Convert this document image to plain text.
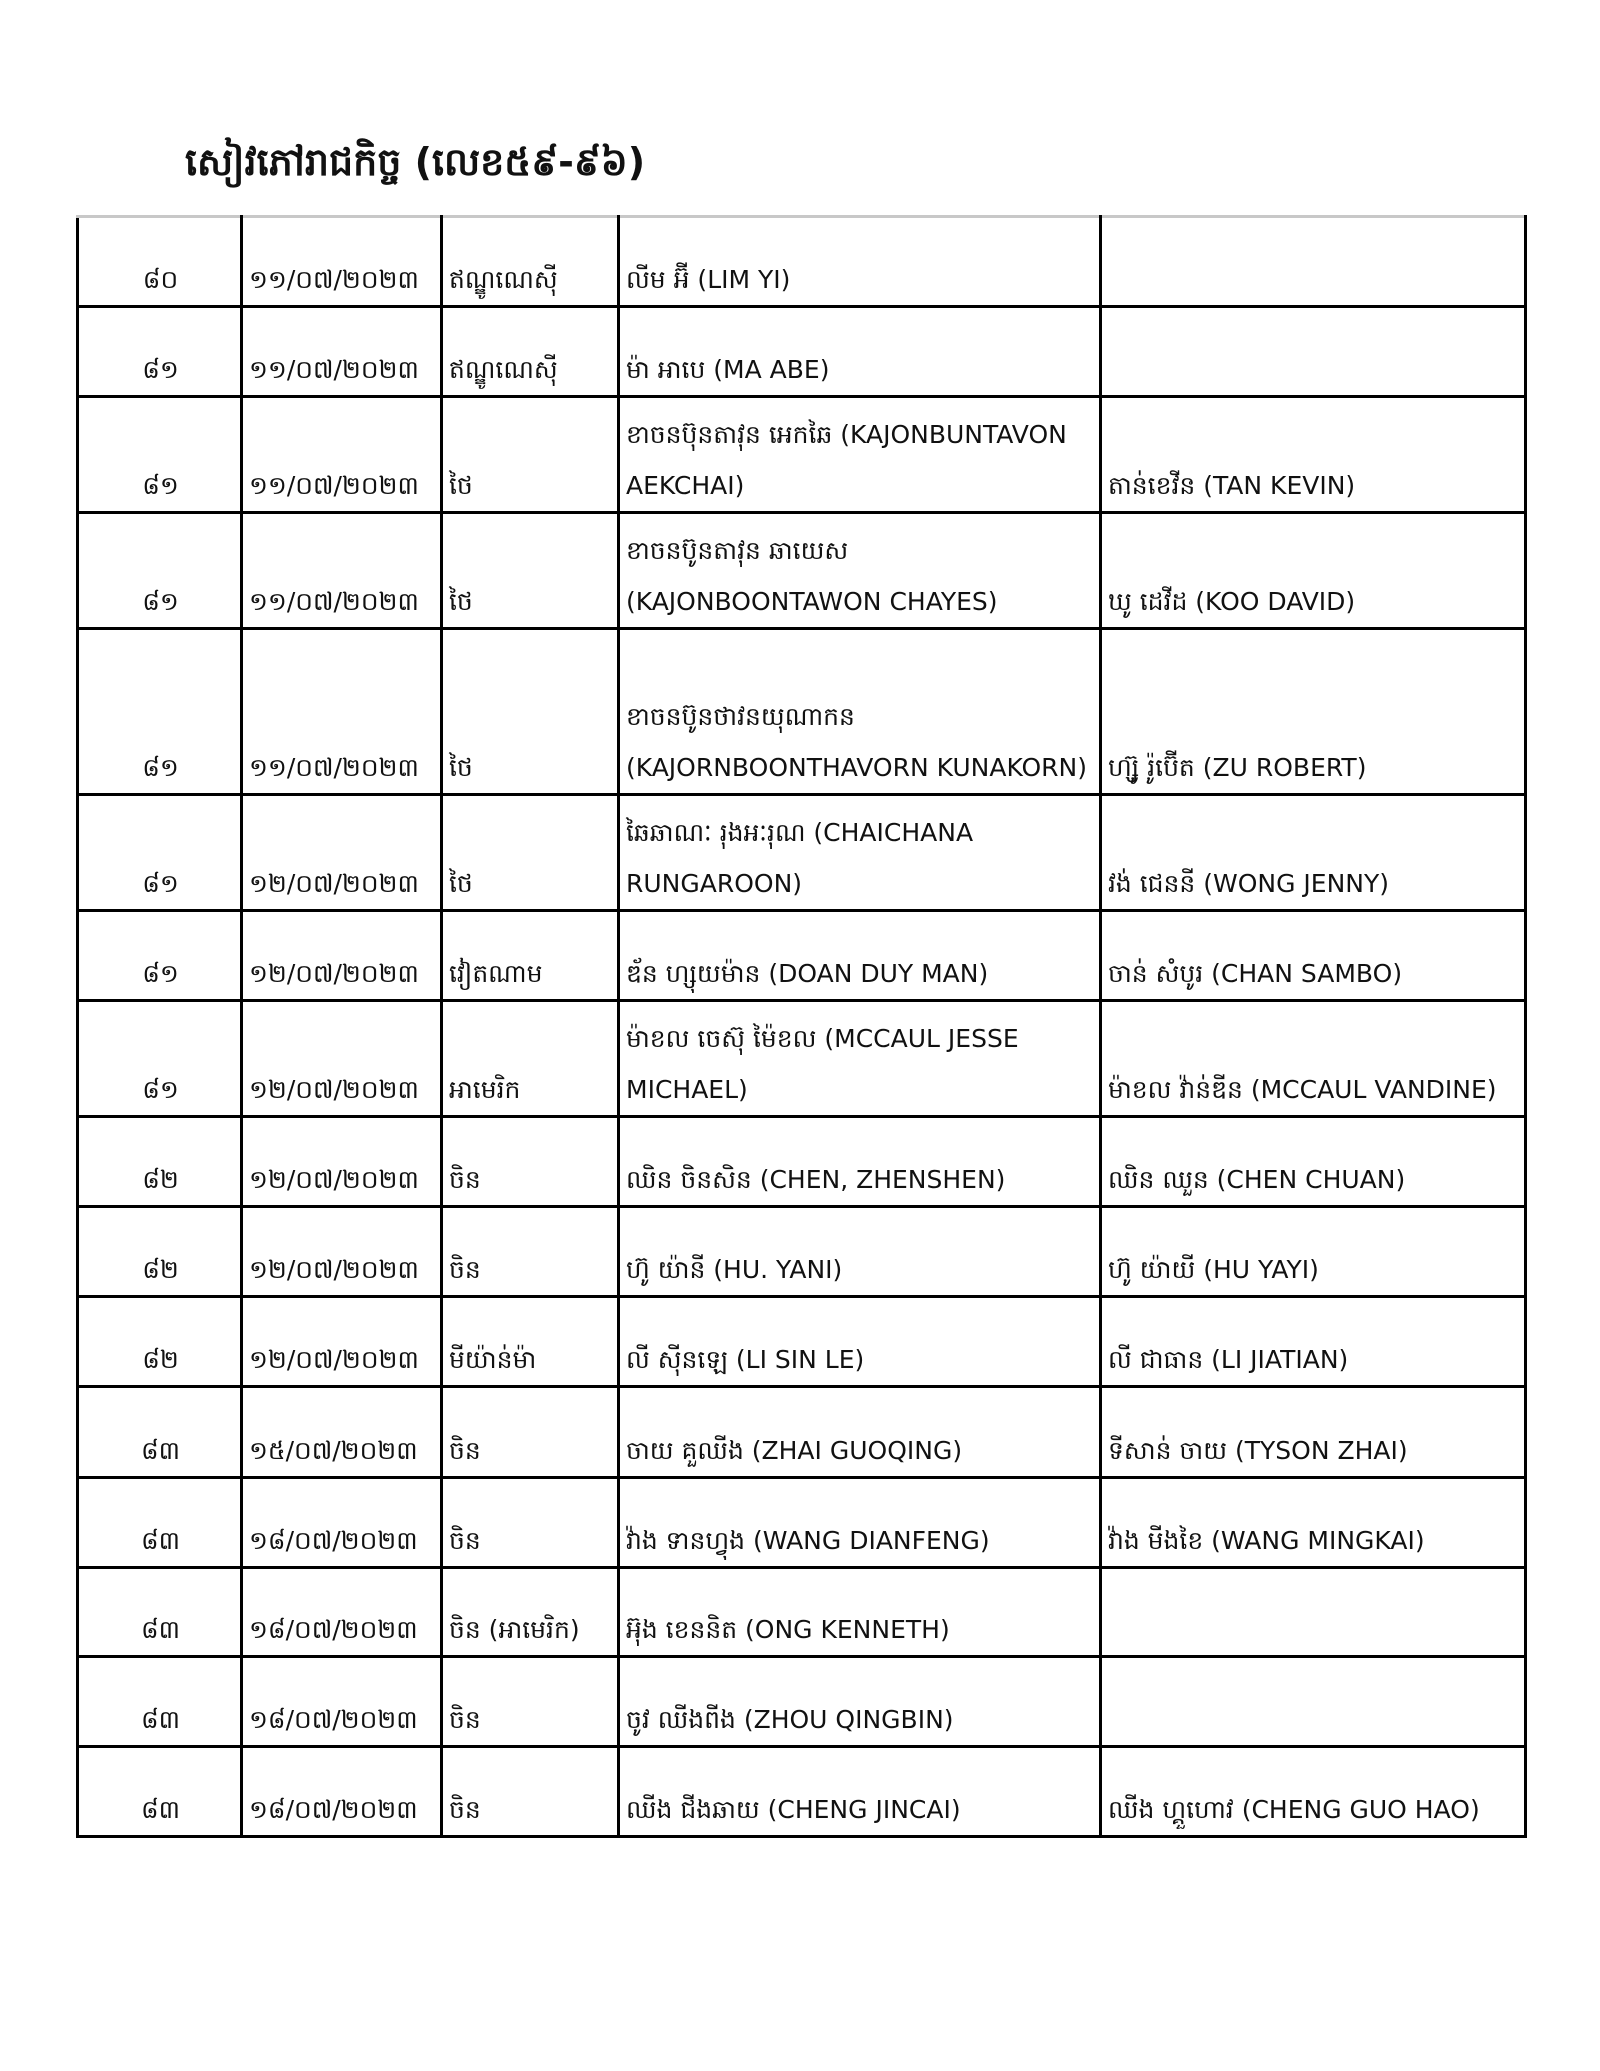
សៀវភៅរាជកិច្ច (លេខ៥៩-៩៦)
៨០	១១/០៧/២០២៣	ឥណ្ឌូណេស៊ី	លីម អ៊ី (LIM YI)	
៨១	១១/០៧/២០២៣	ឥណ្ឌូណេស៊ី	ម៉ា អាបេ (MA ABE)	
៨១	១១/០៧/២០២៣	ថៃ	ខាចនប៊ុនតាវុន អេកឆៃ (KAJONBUNTAVON AEKCHAI)	តាន់ខេវីន (TAN KEVIN)
៨១	១១/០៧/២០២៣	ថៃ	ខាចនប៊ូនតាវុន ឆាយេស (KAJONBOONTAWON CHAYES)	ឃូ ដេវីដ (KOO DAVID)
៨១	១១/០៧/២០២៣	ថៃ	ខាចនប៊ូនថាវនយុណាកន (KAJORNBOONTHAVORN KUNAKORN)	ហ្ស៊ូ រ៉ូប៊ើត (ZU ROBERT)
៨១	១២/០៧/២០២៣	ថៃ	ឆៃឆាណៈ រុងអៈរុណ (CHAICHANA RUNGAROON)	វង់ ជេននី (WONG JENNY)
៨១	១២/០៧/២០២៣	វៀតណាម	ឌ័ន ហ្សុយម៉ាន (DOAN DUY MAN)	ចាន់ សំបូរ (CHAN SAMBO)
៨១	១២/០៧/២០២៣	អាមេរិក	ម៉ាខល ចេស៊ុ ម៉ៃខល (MCCAUL JESSE MICHAEL)	ម៉ាខល វ៉ាន់ឌីន (MCCAUL VANDINE)
៨២	១២/០៧/២០២៣	ចិន	ឈិន ចិនសិន (CHEN, ZHENSHEN)	ឈិន ឈួន (CHEN CHUAN)
៨២	១២/០៧/២០២៣	ចិន	ហ៊ូ យ៉ានី (HU. YANI)	ហ៊ូ យ៉ាយី (HU YAYI)
៨២	១២/០៧/២០២៣	មីយ៉ាន់ម៉ា	លី ស៊ីនឡេ (LI SIN LE)	លី ជាធាន (LI JIATIAN)
៨៣	១៥/០៧/២០២៣	ចិន	ចាយ គួឈីង (ZHAI GUOQING)	ទីសាន់ ចាយ (TYSON ZHAI)
៨៣	១៨/០៧/២០២៣	ចិន	វ៉ាង ទានហ្វុង (WANG DIANFENG)	វ៉ាង មីងខៃ (WANG MINGKAI)
៨៣	១៨/០៧/២០២៣	ចិន (អាមេរិក)	អ៊ុង ខេននិត (ONG KENNETH)	
៨៣	១៨/០៧/២០២៣	ចិន	ចូវ ឈីងពីង (ZHOU QINGBIN)	
៨៣	១៨/០៧/២០២៣	ចិន	ឈីង ជីងឆាយ (CHENG JINCAI)	ឈីង ហ្គួហោវ (CHENG GUO HAO)
